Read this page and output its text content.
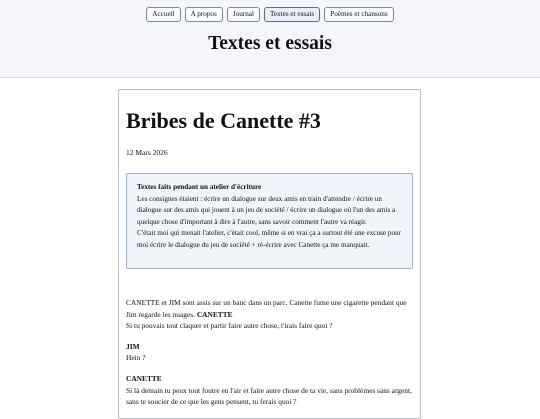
Accueil A propos Journal Textes et essais Poèmes et chansons
Textes et essais
Bribes de Canette #3
12 Mars 2026

Textes faits pendant un atelier d'écriture

Les consignes étaient : écrire un dialogue sur deux amis en train d'attendre / écrire un dialogue sur des amis qui jouent à un jeu de société / écrire un dialogue où l'un des amis a quelque chose d'important à dire à l'autre, sans savoir comment l'autre va réagir.

C'était moi qui menait l'atelier, c'était cool, même si en vrai ça a surtout été une excuse pour moi écrire le dialogue du jeu de société + ré-écrire avec Canette ça me manquait.

CANETTE et JIM sont assis sur un banc dans un parc. Canette fume une cigarette pendant que Jim regarde les nuages. CANETTE
Si tu pouvais tout claquer et partir faire autre chose, t'irais faire quoi ?

JIM
Hein ?

CANETTE
Si là demain tu peux tout foutre en l'air et faire autre chose de ta vie, sans problèmes sans argent, sans te soucier de ce que les gens pensent, tu ferais quoi ?
